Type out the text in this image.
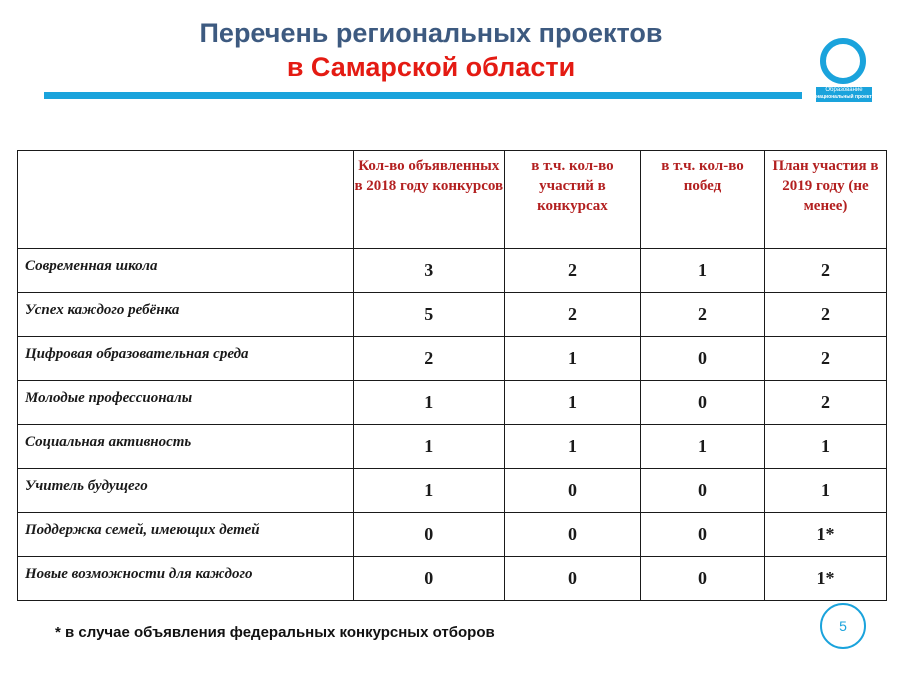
Перечень региональных проектов
в Самарской области
Образование
национальный проект
	Кол-во объявленных в 2018 году конкурсов	в т.ч. кол-во участий в конкурсах	в т.ч. кол-во побед	План участия в 2019 году (не менее)
Современная школа	3	2	1	2
Успех каждого ребёнка	5	2	2	2
Цифровая образовательная среда	2	1	0	2
Молодые профессионалы	1	1	0	2
Социальная активность	1	1	1	1
Учитель будущего	1	0	0	1
Поддержка семей, имеющих детей	0	0	0	1*
Новые возможности для каждого	0	0	0	1*
* в случае объявления федеральных конкурсных отборов	5
